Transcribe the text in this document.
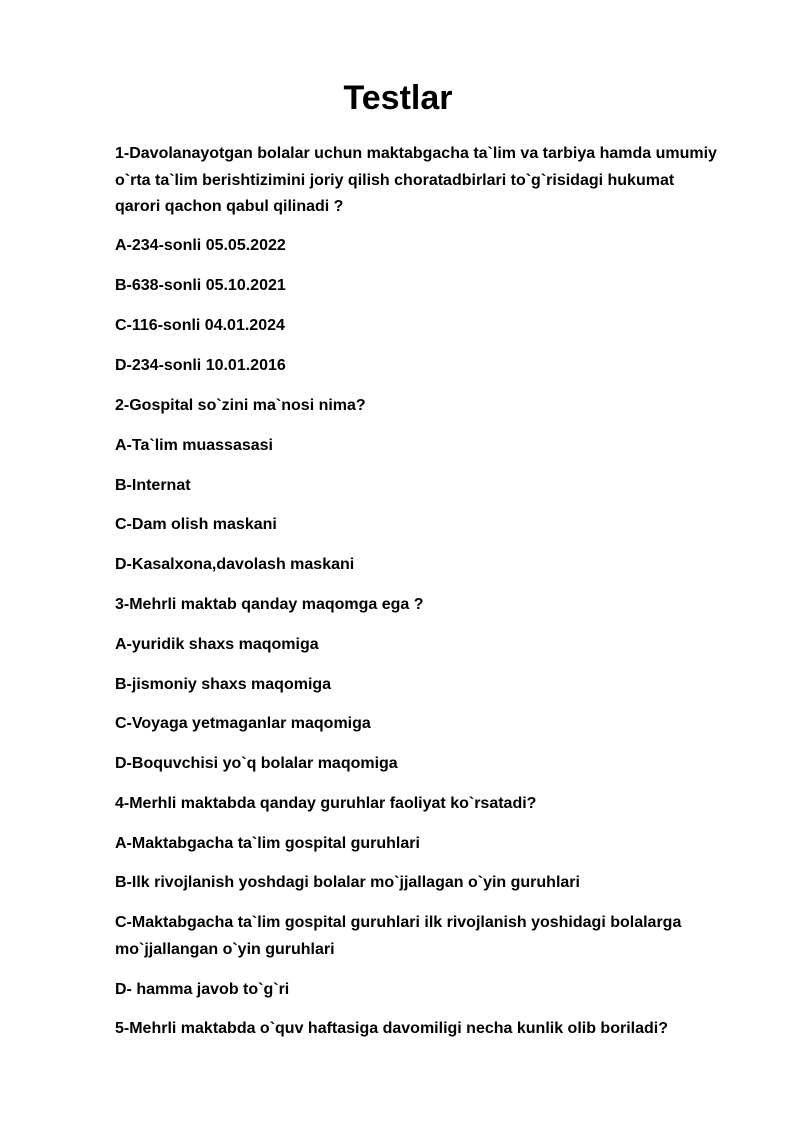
Testlar
1-Davolanayotgan bolalar uchun maktabgacha ta`lim va tarbiya hamda umumiy
o`rta ta`lim berishtizimini joriy qilish choratadbirlari to`g`risidagi hukumat
qarori qachon qabul qilinadi ?
A-234-sonli 05.05.2022
B-638-sonli 05.10.2021
C-116-sonli 04.01.2024
D-234-sonli 10.01.2016
2-Gospital so`zini ma`nosi nima?
A-Ta`lim muassasasi
B-Internat
C-Dam olish maskani
D-Kasalxona,davolash maskani
3-Mehrli maktab qanday maqomga ega ?
A-yuridik shaxs maqomiga
B-jismoniy shaxs maqomiga
C-Voyaga yetmaganlar maqomiga
D-Boquvchisi yo`q bolalar maqomiga
4-Merhli maktabda qanday guruhlar faoliyat ko`rsatadi?
A-Maktabgacha ta`lim gospital guruhlari
B-Ilk rivojlanish yoshdagi bolalar mo`jjallagan o`yin guruhlari
C-Maktabgacha ta`lim gospital guruhlari ilk rivojlanish yoshidagi bolalarga
mo`jjallangan o`yin guruhlari
D- hamma javob to`g`ri
5-Mehrli maktabda o`quv haftasiga davomiligi necha kunlik olib boriladi?
